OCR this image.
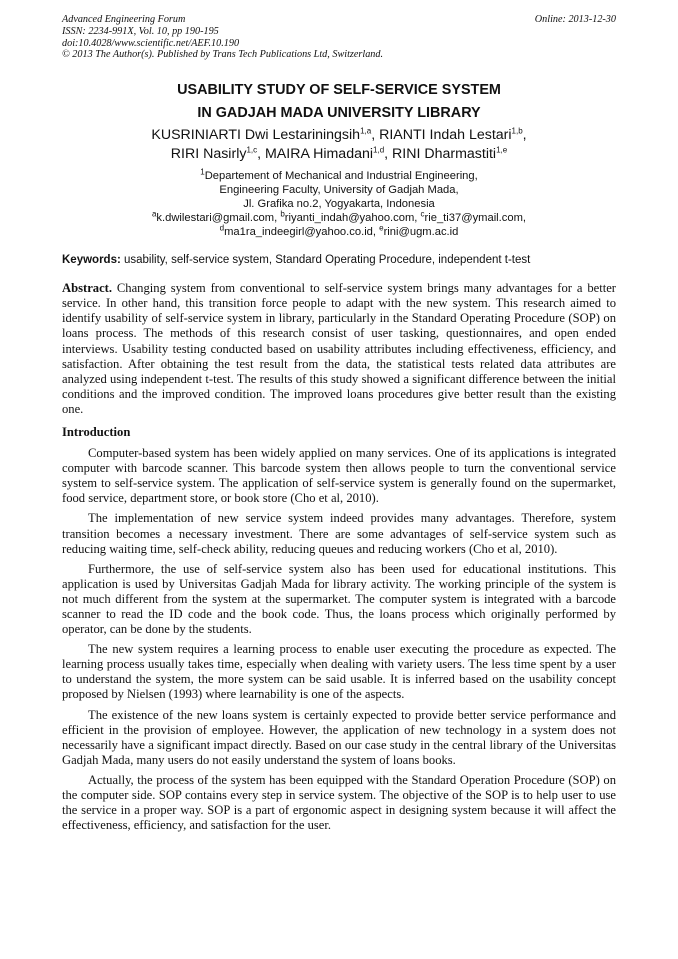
Advanced Engineering Forum
ISSN: 2234-991X, Vol. 10, pp 190-195
doi:10.4028/www.scientific.net/AEF.10.190
© 2013 The Author(s). Published by Trans Tech Publications Ltd, Switzerland.
Online: 2013-12-30
USABILITY STUDY OF SELF-SERVICE SYSTEM
IN GADJAH MADA UNIVERSITY LIBRARY
KUSRINIARTI Dwi Lestariningsih$^{1,a}$, RIANTI Indah Lestari$^{1,b}$,
RIRI Nasirly$^{1,c}$, MAIRA Himadani$^{1,d}$, RINI Dharmastiti$^{1,e}$
$^1$Departement of Mechanical and Industrial Engineering,
Engineering Faculty, University of Gadjah Mada,
Jl. Grafika no.2, Yogyakarta, Indonesia
$^a$k.dwilestari@gmail.com, $^b$riyanti_indah@yahoo.com, $^c$rie_ti37@ymail.com,
$^d$ma1ra_indeegirl@yahoo.co.id, $^e$rini@ugm.ac.id
Keywords: usability, self-service system, Standard Operating Procedure, independent t-test
Abstract. Changing system from conventional to self-service system brings many advantages for a better service. In other hand, this transition force people to adapt with the new system. This research aimed to identify usability of self-service system in library, particularly in the Standard Operating Procedure (SOP) on loans process. The methods of this research consist of user tasking, questionnaires, and open ended interviews. Usability testing conducted based on usability attributes including effectiveness, efficiency, and satisfaction. After obtaining the test result from the data, the statistical tests related data attributes are analyzed using independent t-test. The results of this study showed a significant difference between the initial conditions and the improved condition. The improved loans procedures give better result than the existing one.
Introduction

Computer-based system has been widely applied on many services. One of its applications is integrated computer with barcode scanner. This barcode system then allows people to turn the conventional service system to self-service system. The application of self-service system is generally found on the supermarket, food service, department store, or book store (Cho et al, 2010).

The implementation of new service system indeed provides many advantages. Therefore, system transition becomes a necessary investment. There are some advantages of self-service system such as reducing waiting time, self-check ability, reducing queues and reducing workers (Cho et al, 2010).

Furthermore, the use of self-service system also has been used for educational institutions. This application is used by Universitas Gadjah Mada for library activity. The working principle of the system is not much different from the system at the supermarket. The computer system is integrated with a barcode scanner to read the ID code and the book code. Thus, the loans process which originally performed by operator, can be done by the students.

The new system requires a learning process to enable user executing the procedure as expected. The learning process usually takes time, especially when dealing with variety users. The less time spent by a user to understand the system, the more system can be said usable. It is inferred based on the usability concept proposed by Nielsen (1993) where learnability is one of the aspects.

The existence of the new loans system is certainly expected to provide better service performance and efficient in the provision of employee. However, the application of new technology in a system does not necessarily have a significant impact directly. Based on our case study in the central library of the Universitas Gadjah Mada, many users do not easily understand the system of loans books.

Actually, the process of the system has been equipped with the Standard Operation Procedure (SOP) on the computer side. SOP contains every step in service system. The objective of the SOP is to help user to use the service in a proper way. SOP is a part of ergonomic aspect in designing system because it will affect the effectiveness, efficiency, and satisfaction for the user.
